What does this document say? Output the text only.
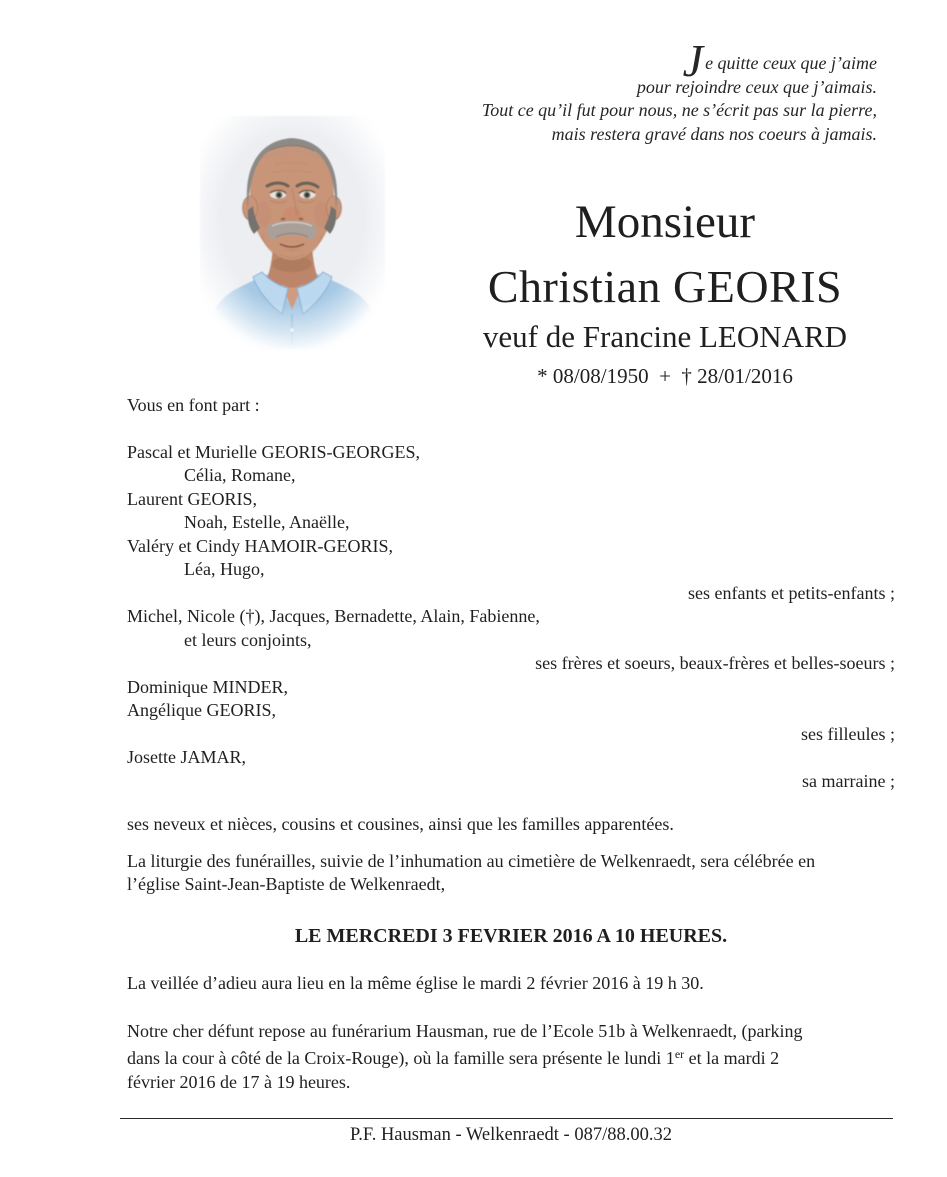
Je quitte ceux que j’aime
pour rejoindre ceux que j’aimais.
Tout ce qu’il fut pour nous, ne s’écrit pas sur la pierre,
mais restera gravé dans nos coeurs à jamais.
Monsieur
Christian GEORIS
veuf de Francine LEONARD
* 08/08/1950  +  † 28/01/2016
Vous en font part :
Pascal et Murielle GEORIS-GEORGES,
Célia, Romane,
Laurent GEORIS,
Noah, Estelle, Anaëlle,
Valéry et Cindy HAMOIR-GEORIS,
Léa, Hugo,
ses enfants et petits-enfants ;
Michel, Nicole (†), Jacques, Bernadette, Alain, Fabienne,
et leurs conjoints,
ses frères et soeurs, beaux-frères et belles-soeurs ;
Dominique MINDER,
Angélique GEORIS,
ses filleules ;
Josette JAMAR,
sa marraine ;
ses neveux et nièces, cousins et cousines, ainsi que les familles apparentées.
La liturgie des funérailles, suivie de l’inhumation au cimetière de Welkenraedt, sera célébrée en
l’église Saint-Jean-Baptiste de Welkenraedt,
LE MERCREDI 3 FEVRIER 2016 A 10 HEURES.
La veillée d’adieu aura lieu en la même église le mardi 2 février 2016 à 19 h 30.
Notre cher défunt repose au funérarium Hausman, rue de l’Ecole 51b à Welkenraedt, (parking
dans la cour à côté de la Croix-Rouge), où la famille sera présente le lundi 1er et la mardi 2
février 2016 de 17 à 19 heures.
P.F. Hausman - Welkenraedt - 087/88.00.32
